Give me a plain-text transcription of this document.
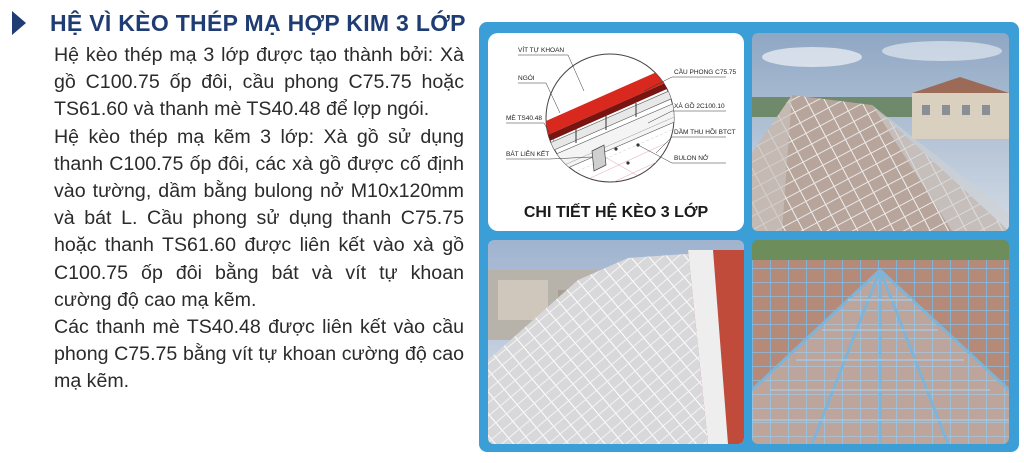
HỆ VÌ KÈO THÉP MẠ HỢP KIM 3 LỚP

Hệ kèo thép mạ 3 lớp được tạo thành bởi: Xà gồ C100.75 ốp đôi, cầu phong C75.75 hoặc TS61.60 và thanh mè TS40.48 để lợp ngói.

Hệ kèo thép mạ kẽm 3 lớp: Xà gồ sử dụng thanh C100.75 ốp đôi, các xà gồ được cố định vào tường, dầm bằng bulong nở M10x120mm và bát L. Cầu phong sử dụng thanh C75.75 hoặc thanh TS61.60 được liên kết vào xà gồ C100.75 ốp đôi bằng bát và vít tự khoan cường độ cao mạ kẽm.

Các thanh mè TS40.48 được liên kết vào cầu phong C75.75 bằng vít tự khoan cường độ cao mạ kẽm.

VÍT TỰ KHOAN
NGÓI
MÈ TS40.48
BÁT LIÊN KẾT
CẦU PHONG C75.75
XÀ GỒ 2C100.10
DẦM THU HỒI BTCT
BULON NỞ
CHI TIẾT HỆ KÈO 3 LỚP
